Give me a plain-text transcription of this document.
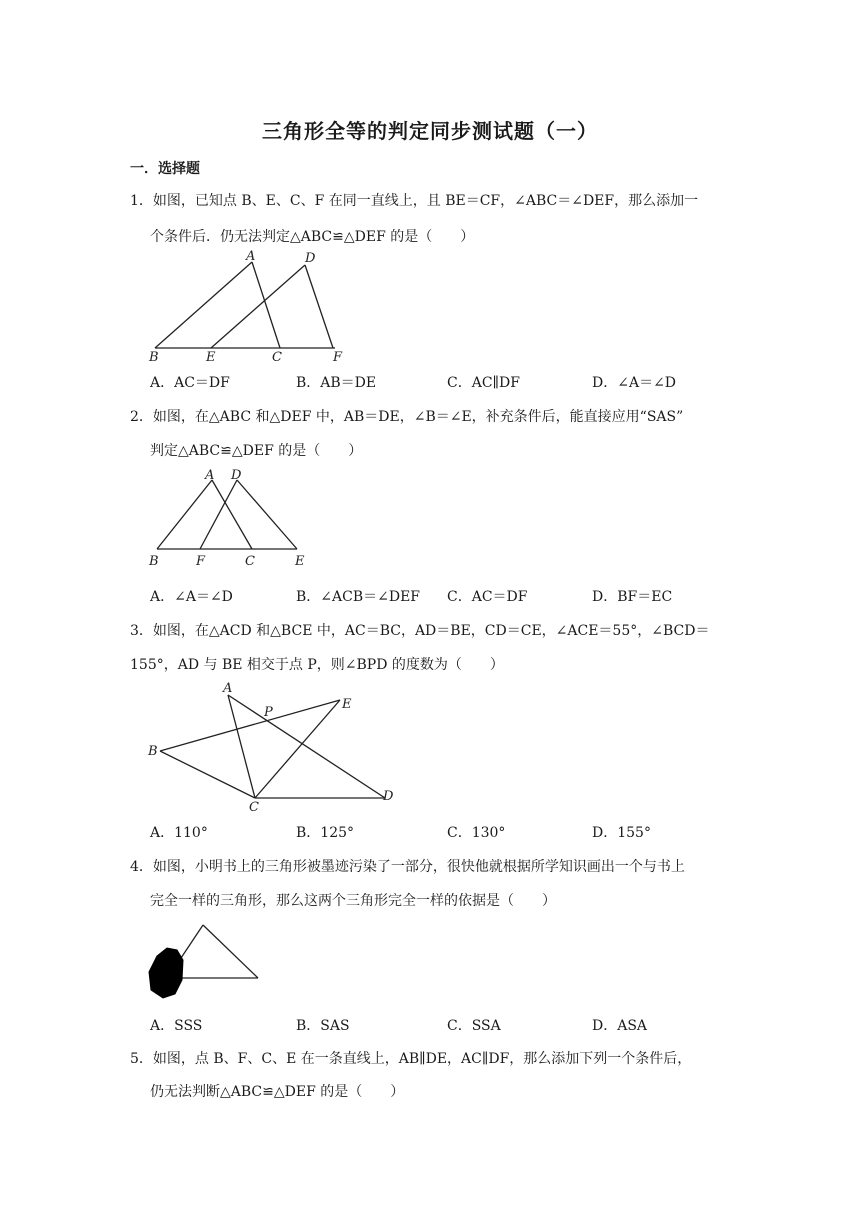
三角形全等的判定同步测试题（一）
一．选择题
1．如图，已知点 B、E、C、F 在同一直线上，且 BE＝CF，∠ABC＝∠DEF，那么添加一
个条件后．仍无法判定△ABC≌△DEF 的是（　　）
A	D
B	E	C	F
A．AC＝DF	B．AB＝DE	C．AC∥DF	D．∠A＝∠D
2．如图，在△ABC 和△DEF 中，AB＝DE，∠B＝∠E，补充条件后，能直接应用“SAS”
判定△ABC≌△DEF 的是（　　）
A D
B	F	C	E
A．∠A＝∠D	B．∠ACB＝∠DEF C．AC＝DF	D．BF＝EC
3．如图，在△ACD 和△BCE 中，AC＝BC，AD＝BE，CD＝CE，∠ACE＝55°，∠BCD＝
155°，AD 与 BE 相交于点 P，则∠BPD 的度数为（　　）
A
P
E
B
C
D
A．110°	B．125°	C．130°	D．155°
4．如图，小明书上的三角形被墨迹污染了一部分，很快他就根据所学知识画出一个与书上
完全一样的三角形，那么这两个三角形完全一样的依据是（　　）
A．SSS	B．SAS	C．SSA	D．ASA
5．如图，点 B、F、C、E 在一条直线上，AB∥DE，AC∥DF，那么添加下列一个条件后，
仍无法判断△ABC≌△DEF 的是（　　）
